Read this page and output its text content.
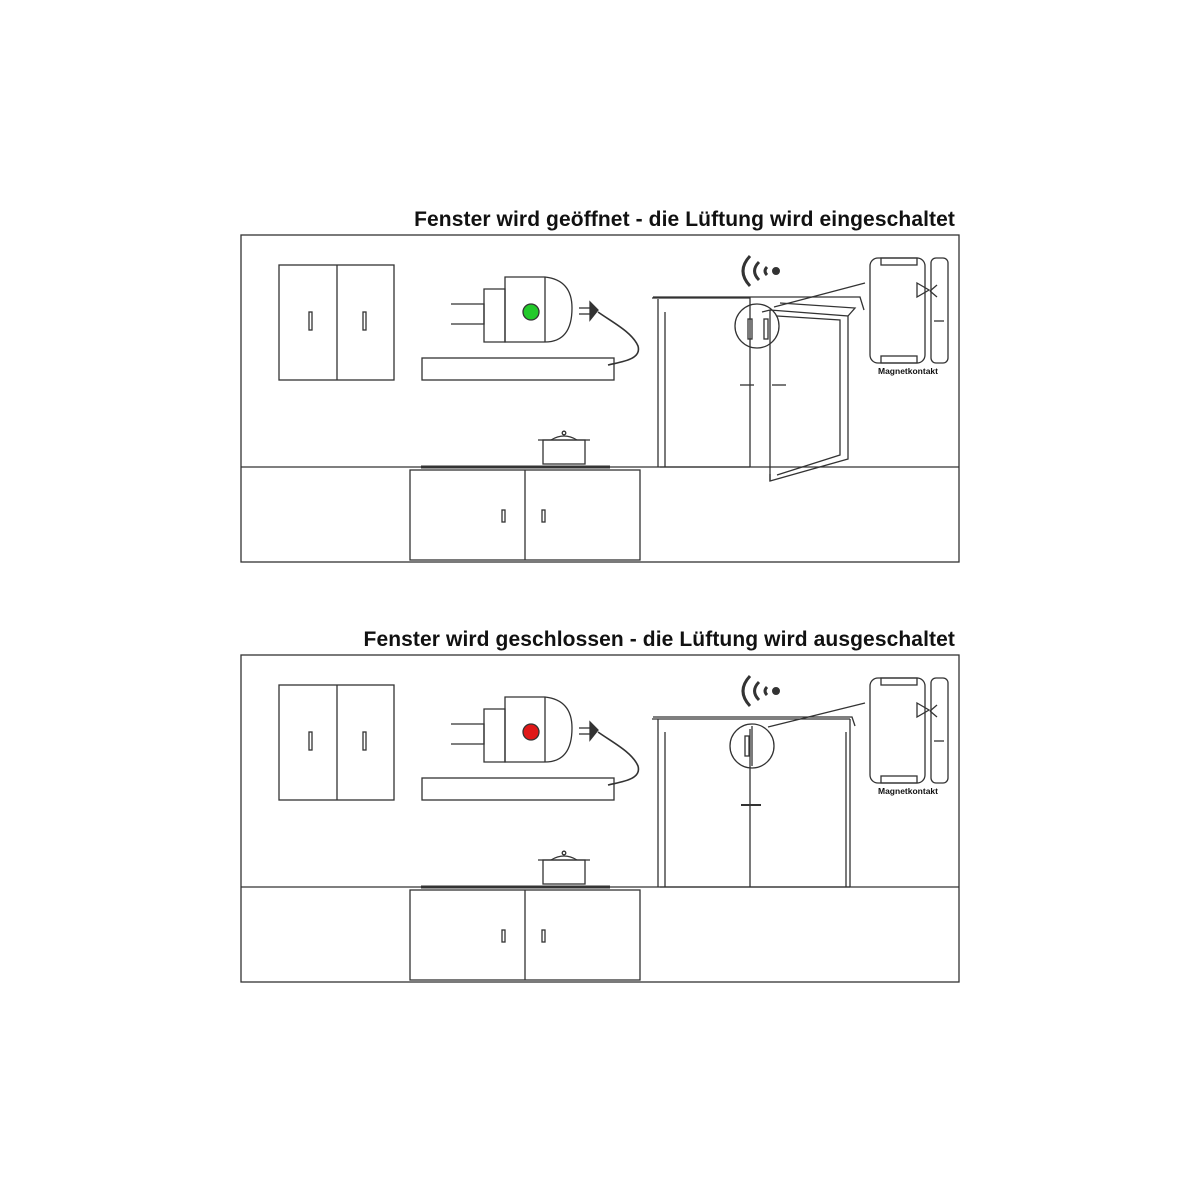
Fenster wird geöffnet - die Lüftung wird eingeschaltet
Magnetkontakt
Fenster wird geschlossen - die Lüftung wird ausgeschaltet
Magnetkontakt
